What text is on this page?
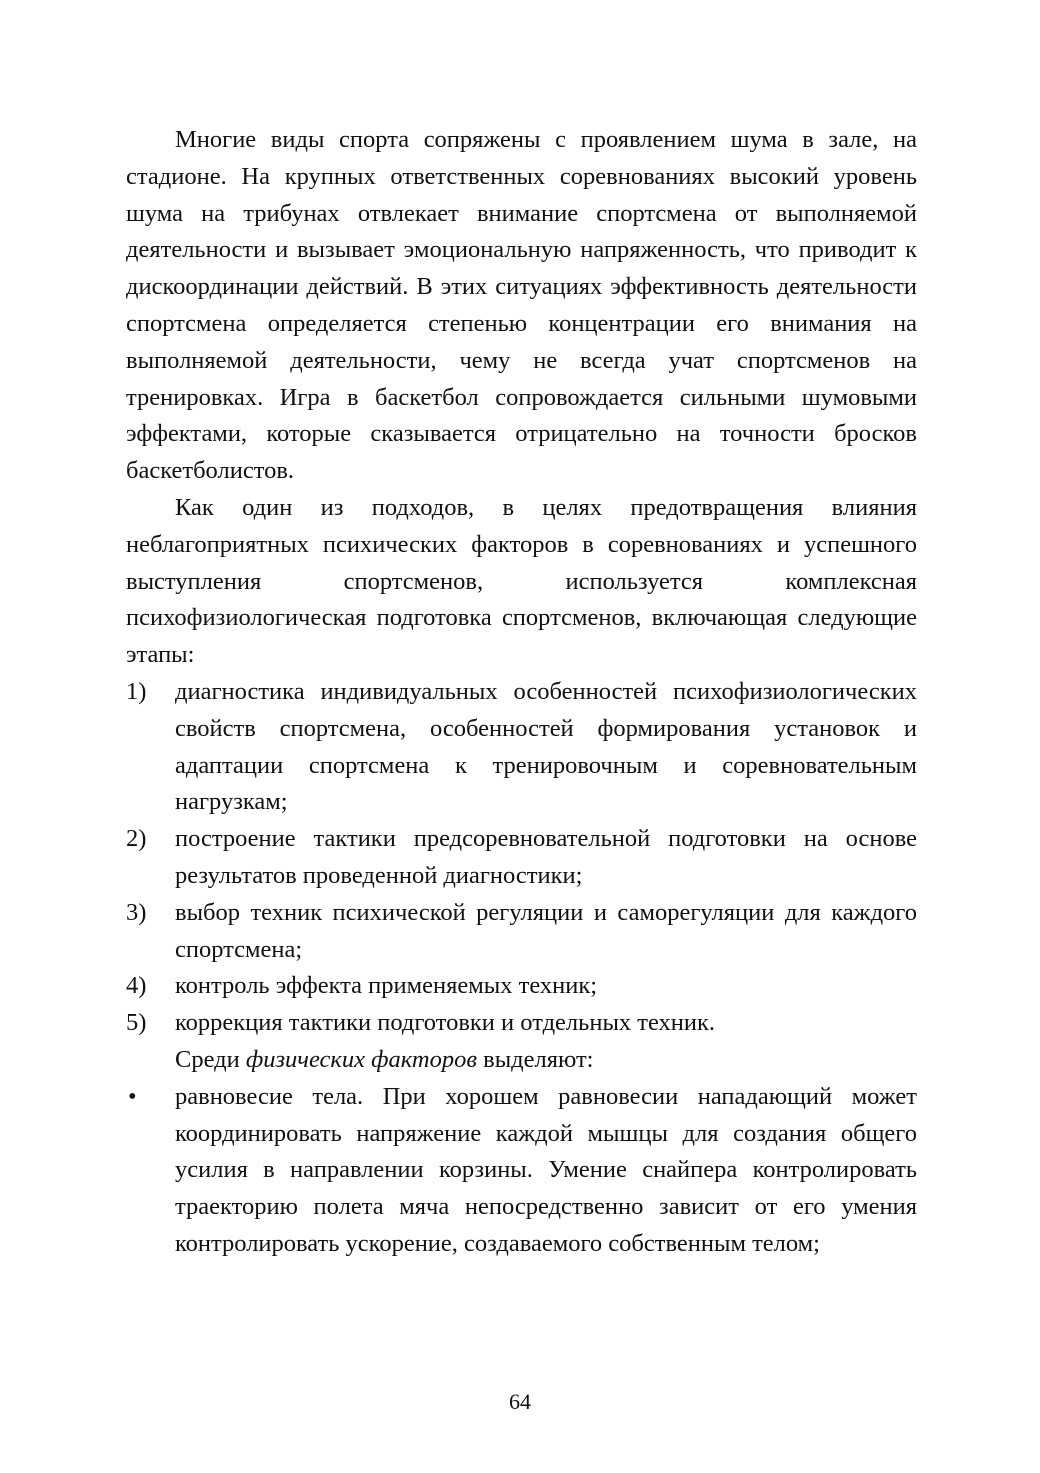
Многие виды спорта сопряжены с проявлением шума в зале, на стадионе. На крупных ответственных соревнованиях высокий уровень шума на трибунах отвлекает внимание спортсмена от выполняемой деятельности и вызывает эмоциональную напряженность, что приводит к дискоординации действий. В этих ситуациях эффективность деятельности спортсмена определяется степенью концентрации его внимания на выполняемой деятельности, чему не всегда учат спортсменов на тренировках. Игра в баскетбол сопровождается сильными шумовыми эффектами, которые сказывается отрицательно на точности бросков баскетболистов.

Как один из подходов, в целях предотвращения влияния неблагоприятных психических факторов в соревнованиях и успешного выступления спортсменов, используется комплексная психофизиологическая подготовка спортсменов, включающая следующие этапы:

1)	диагностика индивидуальных особенностей психофизиологических свойств спортсмена, особенностей формирования установок и адаптации спортсмена к тренировочным и соревновательным нагрузкам;
2)	построение тактики предсоревновательной подготовки на основе результатов проведенной диагностики;
3)	выбор техник психической регуляции и саморегуляции для каждого спортсмена;
4)	контроль эффекта применяемых техник;
5)	коррекция тактики подготовки и отдельных техник.

Среди физических факторов выделяют:

•	равновесие тела. При хорошем равновесии нападающий может координировать напряжение каждой мышцы для создания общего усилия в направлении корзины. Умение снайпера контролировать траекторию полета мяча непосредственно зависит от его умения контролировать ускорение, создаваемого собственным телом;
64
